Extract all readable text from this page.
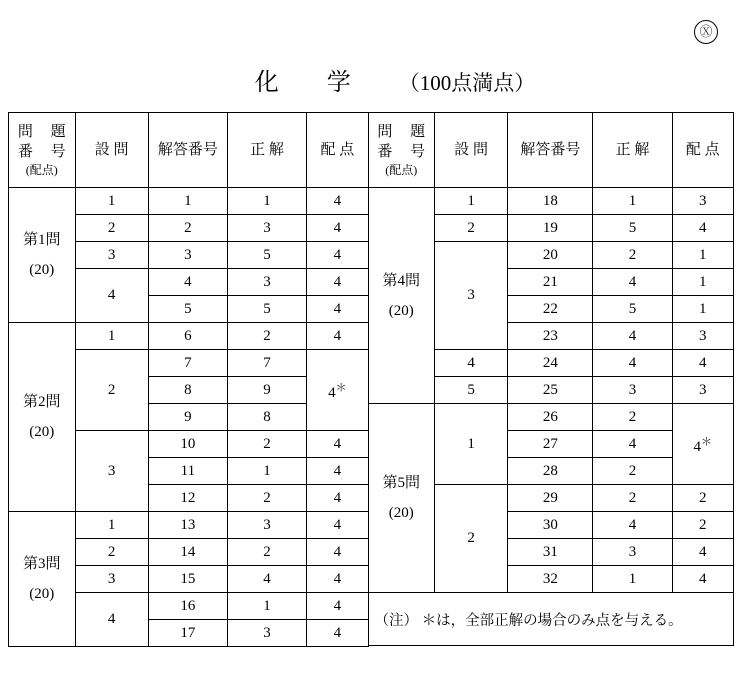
Ⓧ
化学（100点満点）
問 題
番 号
(配点)	設 問	解答番号	正 解	配 点

第1問
(20)	1	1	1	4
	2	2	3	4
	3	3	5	4
	4	4	3	4
		5	5	4

第2問
(20)	1	6	2	4
	2	7	7	4＊
		8	9	
		9	8	
	3	10	2	4
		11	1	4
		12	2	4

第3問
(20)	1	13	3	4
	2	14	2	4
	3	15	4	4
	4	16	1	4
		17	3	4
問 題
番 号
(配点)	設 問	解答番号	正 解	配 点

第4問
(20)	1	18	1	3
	2	19	5	4
	3	20	2	1
		21	4	1
		22	5	1
		23	4	3
	4	24	4	4
	5	25	3	3

第5問
(20)	1	26	2	4＊
		27	4	
		28	2	
	2	29	2	2
		30	4	2
		31	3	4
		32	1	4
（注） ＊は，全部正解の場合のみ点を与える。				
